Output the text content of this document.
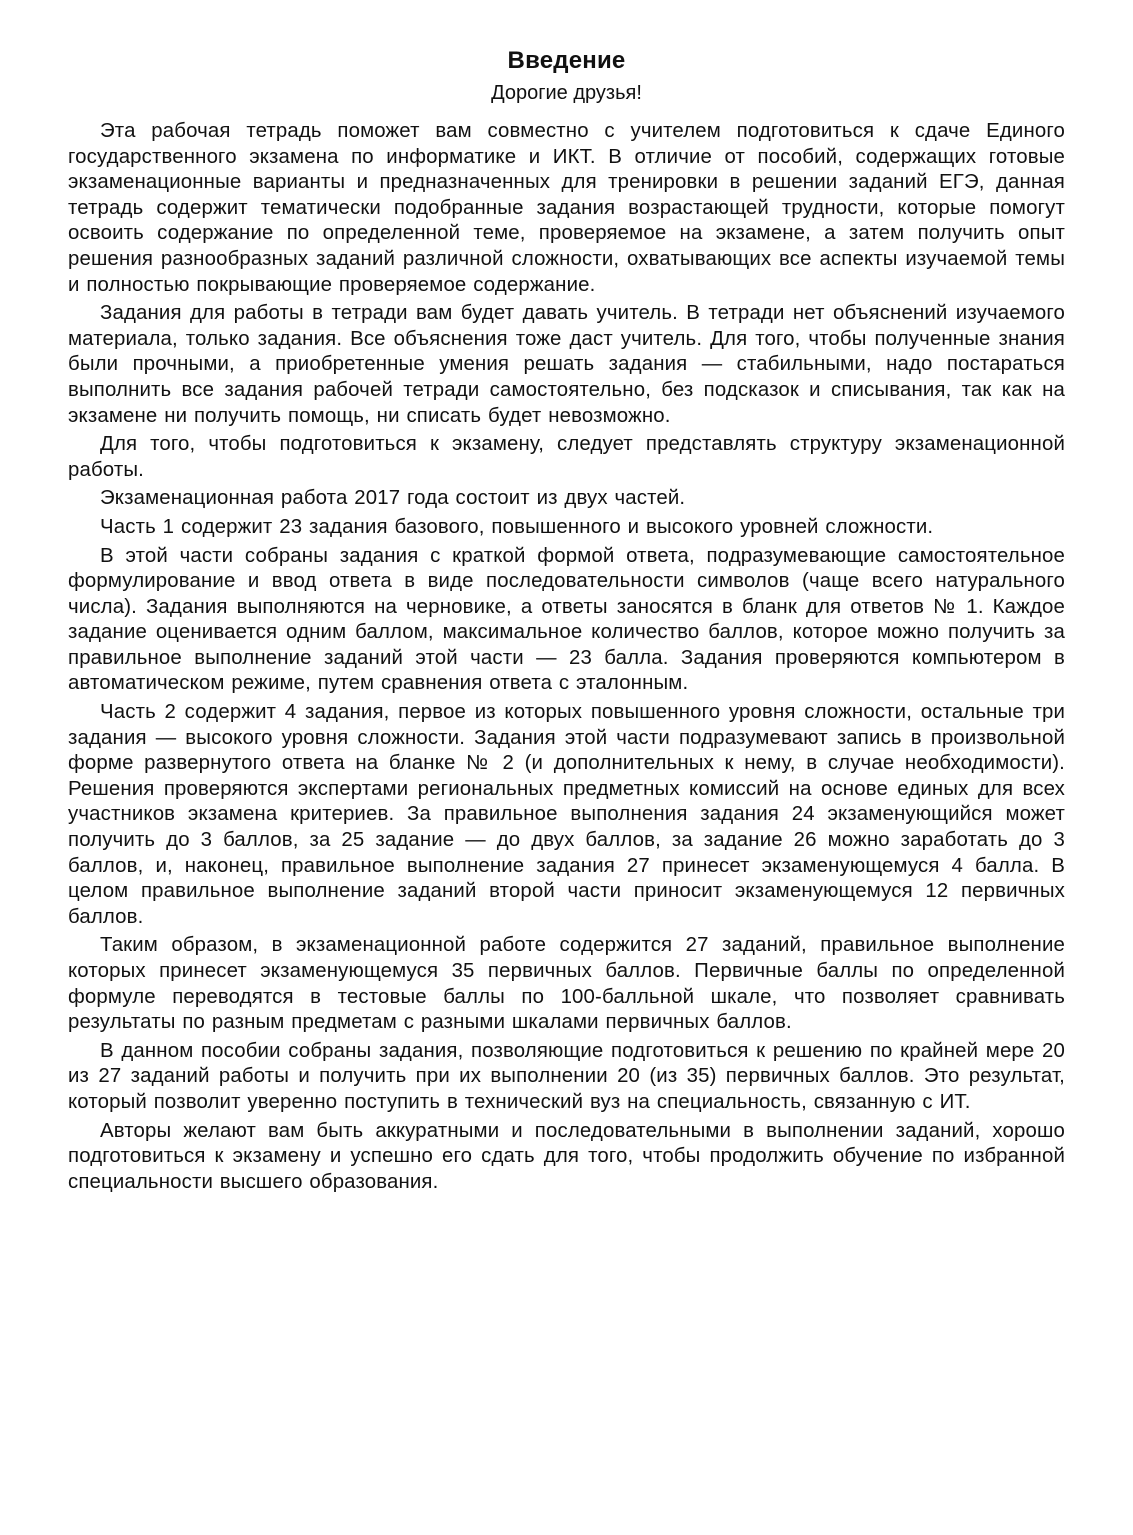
Введение
Дорогие друзья!

Эта рабочая тетрадь поможет вам совместно с учителем подготовиться к сдаче Единого государственного экзамена по информатике и ИКТ. В отличие от пособий, содержащих готовые экзаменационные варианты и предназначенных для тренировки в решении заданий ЕГЭ, данная тетрадь содержит тематически подобранные задания возрастающей трудности, которые помогут освоить содержание по определенной теме, проверяемое на экзамене, а затем получить опыт решения разнообразных заданий различной сложности, охватывающих все аспекты изучаемой темы и полностью покрывающие проверяемое содержание.

Задания для работы в тетради вам будет давать учитель. В тетради нет объяснений изучаемого материала, только задания. Все объяснения тоже даст учитель. Для того, чтобы полученные знания были прочными, а приобретенные умения решать задания — стабильными, надо постараться выполнить все задания рабочей тетради самостоятельно, без подсказок и списывания, так как на экзамене ни получить помощь, ни списать будет невозможно.

Для того, чтобы подготовиться к экзамену, следует представлять структуру экзаменационной работы.

Экзаменационная работа 2017 года состоит из двух частей.

Часть 1 содержит 23 задания базового, повышенного и высокого уровней сложности.

В этой части собраны задания с краткой формой ответа, подразумевающие самостоятельное формулирование и ввод ответа в виде последовательности символов (чаще всего натурального числа). Задания выполняются на черновике, а ответы заносятся в бланк для ответов № 1. Каждое задание оценивается одним баллом, максимальное количество баллов, которое можно получить за правильное выполнение заданий этой части — 23 балла. Задания проверяются компьютером в автоматическом режиме, путем сравнения ответа с эталонным.

Часть 2 содержит 4 задания, первое из которых повышенного уровня сложности, остальные три задания — высокого уровня сложности. Задания этой части подразумевают запись в произвольной форме развернутого ответа на бланке № 2 (и дополнительных к нему, в случае необходимости). Решения проверяются экспертами региональных предметных комиссий на основе единых для всех участников экзамена критериев. За правильное выполнения задания 24 экзаменующийся может получить до 3 баллов, за 25 задание — до двух баллов, за задание 26 можно заработать до 3 баллов, и, наконец, правильное выполнение задания 27 принесет экзаменующемуся 4 балла. В целом правильное выполнение заданий второй части приносит экзаменующемуся 12 первичных баллов.

Таким образом, в экзаменационной работе содержится 27 заданий, правильное выполнение которых принесет экзаменующемуся 35 первичных баллов. Первичные баллы по определенной формуле переводятся в тестовые баллы по 100-балльной шкале, что позволяет сравнивать результаты по разным предметам с разными шкалами первичных баллов.

В данном пособии собраны задания, позволяющие подготовиться к решению по крайней мере 20 из 27 заданий работы и получить при их выполнении 20 (из 35) первичных баллов. Это результат, который позволит уверенно поступить в технический вуз на специальность, связанную с ИТ.

Авторы желают вам быть аккуратными и последовательными в выполнении заданий, хорошо подготовиться к экзамену и успешно его сдать для того, чтобы продолжить обучение по избранной специальности высшего образования.
